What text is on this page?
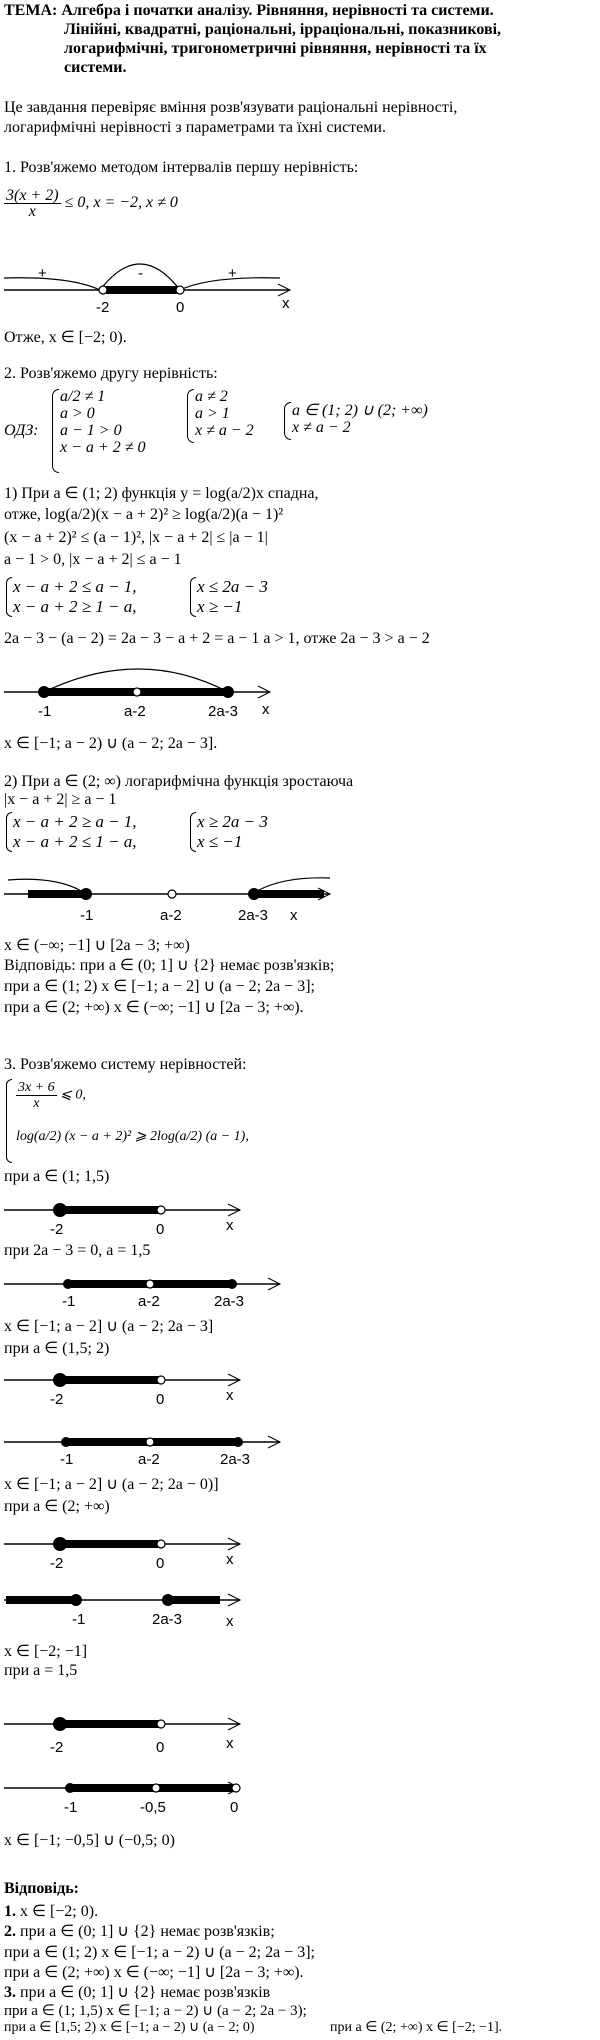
ТЕМА: Алгебра і початки аналізу. Рівняння, нерівності та системи.
Лінійні, квадратні, раціональні, ірраціональні, показникові,
логарифмічні, тригонометричні рівняння, нерівності та їх
системи.
Це завдання перевіряє вміння розв'язувати раціональні нерівності,
логарифмічні нерівності з параметрами та їхні системи.
1. Розв'яжемо методом інтервалів першу нерівність:
$\frac{3(x + 2)}{x} \le 0$, x = −2, x ≠ 0
+	-	+
-2	0	x
Отже, x ∈ [−2; 0).
2. Розв'яжемо другу нерівність:
ОДЗ:
a/2 ≠ 1
a > 0
a − 1 > 0
x − a + 2 ≠ 0
a ≠ 2
a > 1
x ≠ a − 2
a ∈ (1; 2) ∪ (2; +∞)
x ≠ a − 2
1) При a ∈ (1; 2) функція y = log(a/2)x спадна,
отже, log(a/2)(x − a + 2)² ≥ log(a/2)(a − 1)²
(x − a + 2)² ≤ (a − 1)², |x − a + 2| ≤ |a − 1|
a − 1 > 0, |x − a + 2| ≤ a − 1
x − a + 2 ≤ a − 1,
x − a + 2 ≥ 1 − a,
x ≤ 2a − 3
x ≥ −1
2a − 3 − (a − 2) = 2a − 3 − a + 2 = a − 1 a > 1, отже 2a − 3 > a − 2
-1	a-2	2a-3 x
x ∈ [−1; a − 2) ∪ (a − 2; 2a − 3].
2) При a ∈ (2; ∞) логарифмічна функція зростаюча
|x − a + 2| ≥ a − 1
x − a + 2 ≥ a − 1,
x − a + 2 ≤ 1 − a,
x ≥ 2a − 3
x ≤ −1
-1	a-2	2a-3 x
x ∈ (−∞; −1] ∪ [2a − 3; +∞)
Відповідь: при a ∈ (0; 1] ∪ {2} немає розв'язків;
при a ∈ (1; 2) x ∈ [−1; a − 2] ∪ (a − 2; 2a − 3];
при a ∈ (2; +∞) x ∈ (−∞; −1] ∪ [2a − 3; +∞).
3. Розв'яжемо систему нерівностей:
$\frac{3x + 6}{x}$ ⩽ 0,
log(a/2) (x − a + 2)² ⩾ 2log(a/2) (a − 1),
при a ∈ (1; 1,5)
-2	0	x
при 2a − 3 = 0, a = 1,5
-1	a-2	2a-3
x ∈ [−1; a − 2] ∪ (a − 2; 2a − 3]
при a ∈ (1,5; 2)
-2	0	x
-1	a-2	2a-3
x ∈ [−1; a − 2] ∪ (a − 2; 2a − 0)]
при a ∈ (2; +∞)
-2	0	x
-1	2a-3	x
x ∈ [−2; −1]
при a = 1,5
-2	0	x
-1	-0,5	0
x ∈ [−1; −0,5] ∪ (−0,5; 0)
Відповідь:
1. x ∈ [−2; 0).
2. при a ∈ (0; 1] ∪ {2} немає розв'язків;
при a ∈ (1; 2) x ∈ [−1; a − 2) ∪ (a − 2; 2a − 3];
при a ∈ (2; +∞) x ∈ (−∞; −1] ∪ [2a − 3; +∞).
3. при a ∈ (0; 1] ∪ {2} немає розв'язків
при a ∈ (1; 1,5) x ∈ [−1; a − 2) ∪ (a − 2; 2a − 3);
при a ∈ [1,5; 2) x ∈ [−1; a − 2) ∪ (a − 2; 0)	при a ∈ (2; +∞) x ∈ [−2; −1].
